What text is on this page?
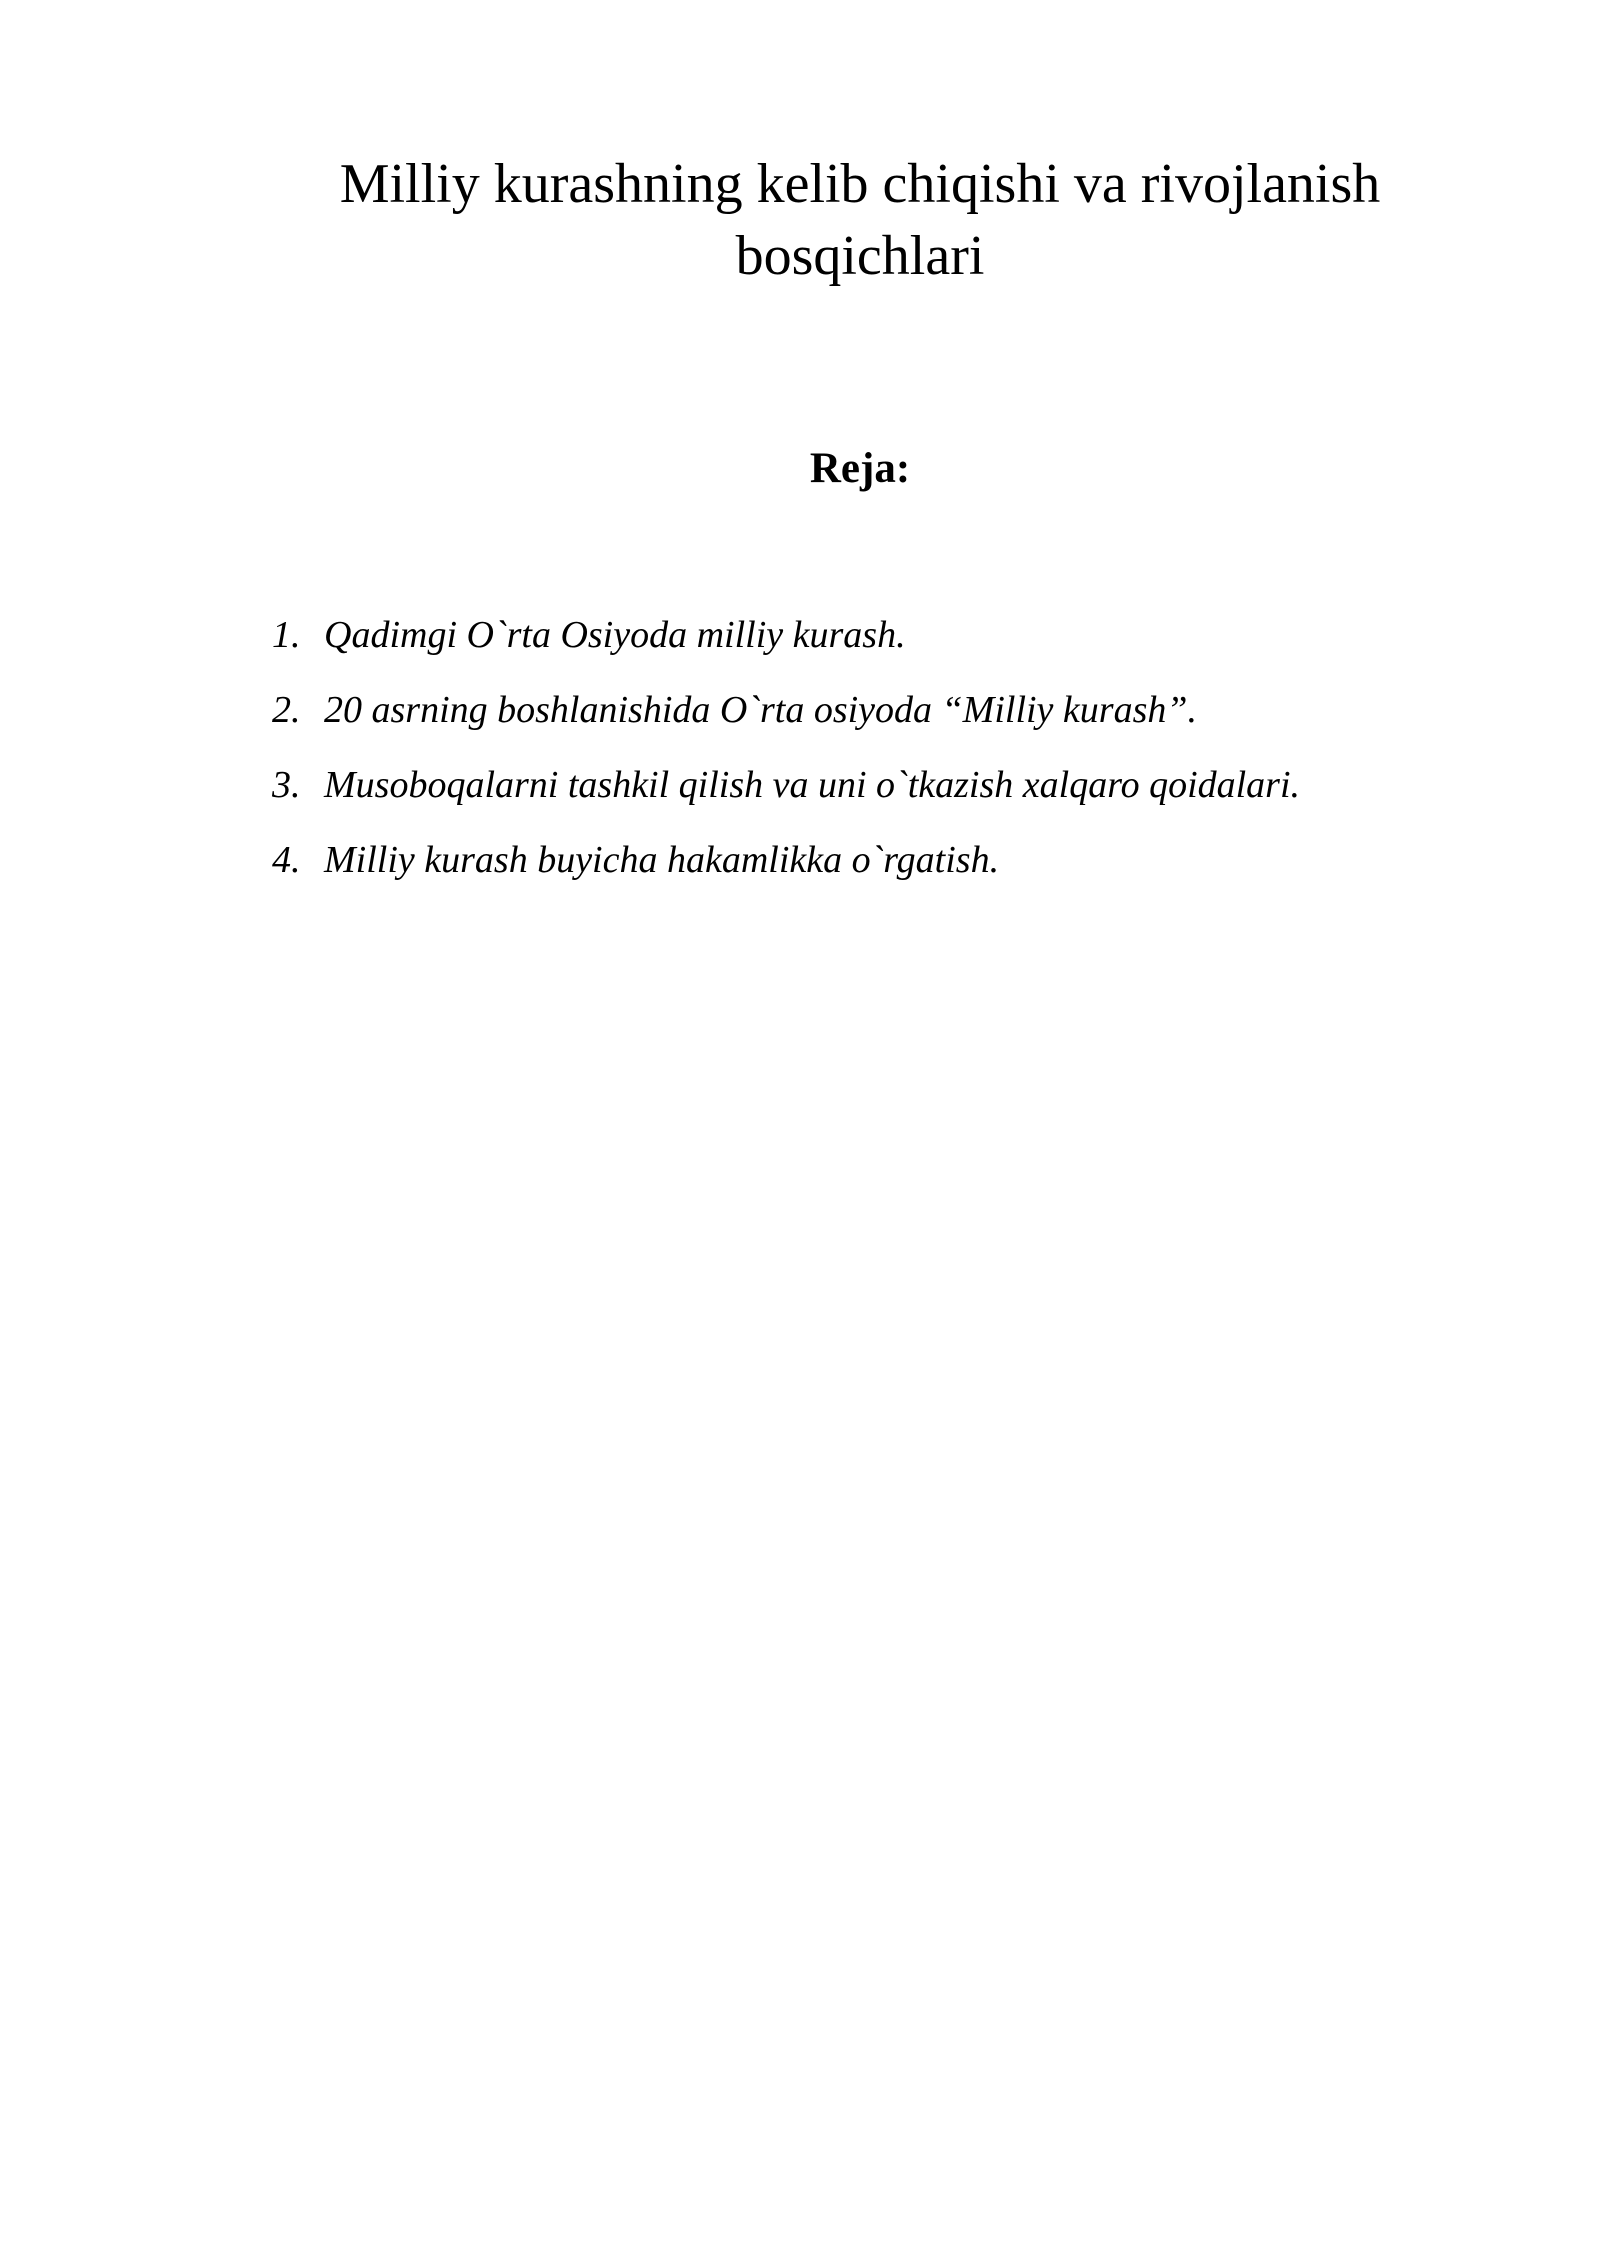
Milliy kurashning kelib chiqishi va rivojlanish bosqichlari
Reja:
1. Qadimgi O`rta Osiyoda milliy kurash.
2. 20 asrning boshlanishida O`rta osiyoda “Milliy kurash”.
3. Musoboqalarni tashkil qilish va uni o`tkazish xalqaro qoidalari.
4. Milliy kurash buyicha hakamlikka o`rgatish.
